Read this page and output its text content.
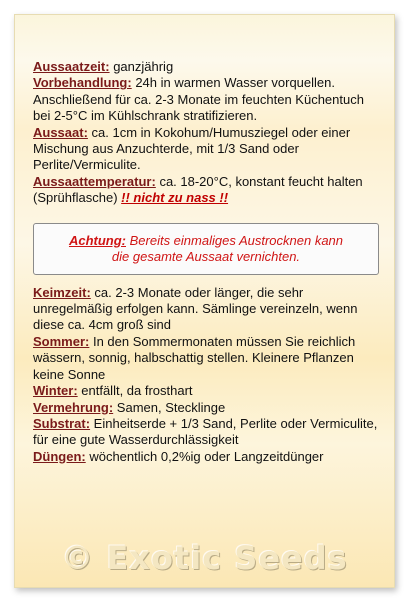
Aussaatzeit: ganzjährig

Vorbehandlung: 24h in warmen Wasser vorquellen. Anschließend für ca. 2-3 Monate im feuchten Küchentuch bei 2-5°C im Kühlschrank stratifizieren.

Aussaat: ca. 1cm in Kokohum/Humusziegel oder einer Mischung aus Anzuchterde, mit 1/3 Sand oder Perlite/Vermiculite.

Aussaattemperatur: ca. 18-20°C, konstant feucht halten (Sprühflasche) !! nicht zu nass !!

Achtung: Bereits einmaliges Austrocknen kann
die gesamte Aussaat vernichten.

Keimzeit: ca. 2-3 Monate oder länger, die sehr unregelmäßig erfolgen kann. Sämlinge vereinzeln, wenn diese ca. 4cm groß sind

Sommer: In den Sommermonaten müssen Sie reichlich wässern, sonnig, halbschattig stellen. Kleinere Pflanzen keine Sonne

Winter: entfällt, da frosthart

Vermehrung: Samen, Stecklinge

Substrat: Einheitserde + 1/3 Sand, Perlite oder Vermiculite, für eine gute Wasserdurchlässigkeit

Düngen: wöchentlich 0,2%ig oder Langzeitdünger

© Exotic Seeds
